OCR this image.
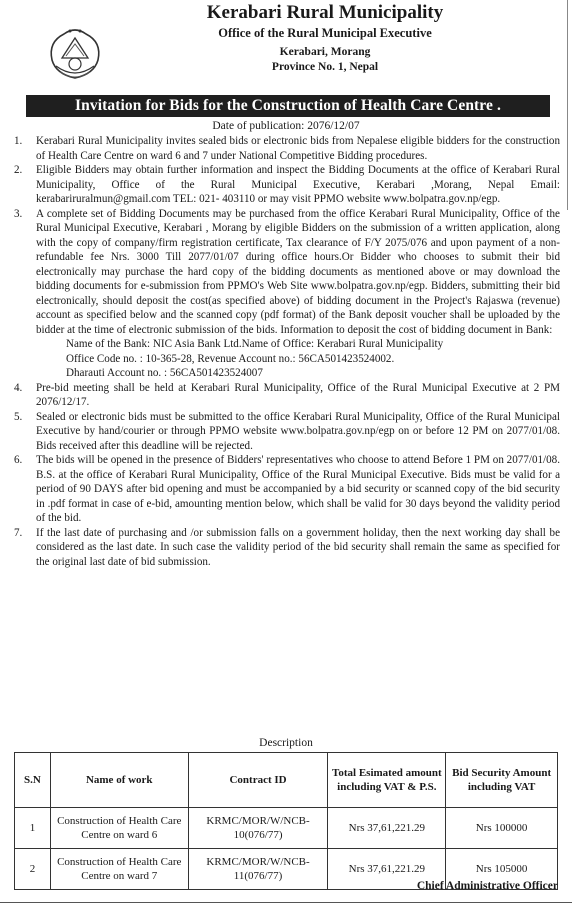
Kerabari Rural Municipality
Office of the Rural Municipal Executive
Kerabari, Morang
Province No. 1, Nepal
Invitation for Bids for the Construction of Health Care Centre .
Date of publication: 2076/12/07
1.	Kerabari Rural Municipality invites sealed bids or electronic bids from Nepalese eligible bidders for the construction of Health Care Centre on ward 6 and 7 under National Competitive Bidding procedures.
2.	Eligible Bidders may obtain further information and inspect the Bidding Documents at the office of Kerabari Rural Municipality, Office of the Rural Municipal Executive, Kerabari ,Morang, Nepal Email: kerabariruralmun@gmail.com TEL: 021- 403110 or may visit PPMO website www.bolpatra.gov.np/egp.
3.	A complete set of Bidding Documents may be purchased from the office Kerabari Rural Municipality, Office of the Rural Municipal Executive, Kerabari , Morang by eligible Bidders on the submission of a written application, along with the copy of company/firm registration certificate, Tax clearance of F/Y 2075/076 and upon payment of a non-refundable fee Nrs. 3000 Till 2077/01/07 during office hours.Or Bidder who chooses to submit their bid electronically may purchase the hard copy of the bidding documents as mentioned above or may download the bidding documents for e-submission from PPMO's Web Site www.bolpatra.gov.np/egp. Bidders, submitting their bid electronically, should deposit the cost(as specified above) of bidding document in the Project's Rajaswa (revenue) account as specified below and the scanned copy (pdf format) of the Bank deposit voucher shall be uploaded by the bidder at the time of electronic submission of the bids. Information to deposit the cost of bidding document in Bank:
Name of the Bank: NIC Asia Bank Ltd.Name of Office: Kerabari Rural Municipality
Office Code no. : 10-365-28, Revenue Account no.: 56CA501423524002.
Dharauti Account no. : 56CA501423524007
4.	Pre-bid meeting shall be held at Kerabari Rural Municipality, Office of the Rural Municipal Executive at 2 PM 2076/12/17.
5.	Sealed or electronic bids must be submitted to the office Kerabari Rural Municipality, Office of the Rural Municipal Executive by hand/courier or through PPMO website www.bolpatra.gov.np/egp on or before 12 PM on 2077/01/08. Bids received after this deadline will be rejected.
6.	The bids will be opened in the presence of Bidders' representatives who choose to attend Before 1 PM on 2077/01/08. B.S. at the office of Kerabari Rural Municipality, Office of the Rural Municipal Executive. Bids must be valid for a period of 90 DAYS after bid opening and must be accompanied by a bid security or scanned copy of the bid security in .pdf format in case of e-bid, amounting mention below, which shall be valid for 30 days beyond the validity period of the bid.
7.	If the last date of purchasing and /or submission falls on a government holiday, then the next working day shall be considered as the last date. In such case the validity period of the bid security shall remain the same as specified for the original last date of bid submission.
Description
S.N	Name of work	Contract ID	Total Esimated amount including VAT & P.S.	Bid Security Amount including VAT
1	Construction of Health Care Centre on ward 6	KRMC/MOR/W/NCB-10(076/77)	Nrs 37,61,221.29	Nrs 100000
2	Construction of Health Care Centre on ward 7	KRMC/MOR/W/NCB-11(076/77)	Nrs 37,61,221.29	Nrs 105000
Chief Administrative Officer
